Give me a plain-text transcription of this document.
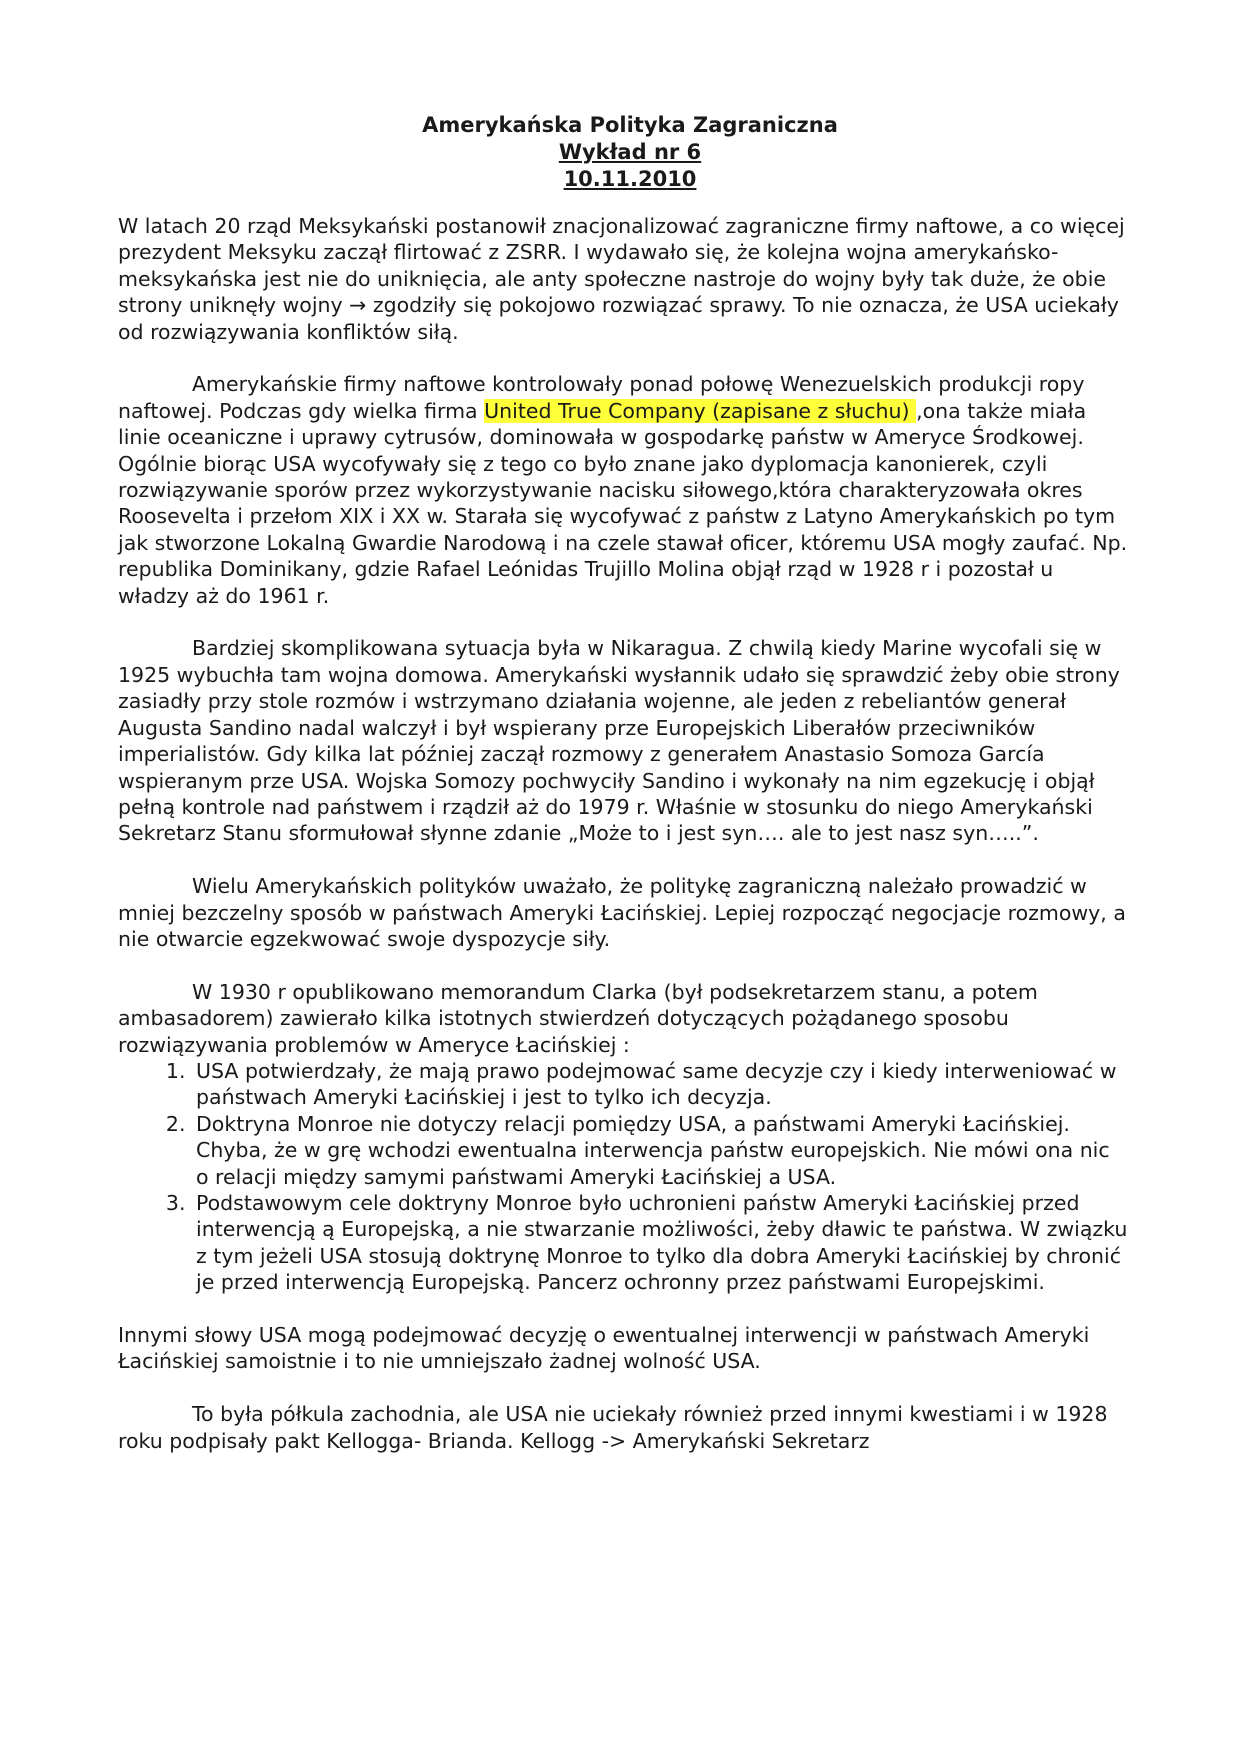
Amerykańska Polityka Zagraniczna
Wykład nr 6
10.11.2010

W latach 20 rząd Meksykański postanowił znacjonalizować zagraniczne firmy naftowe, a co więcej prezydent Meksyku zaczął flirtować z ZSRR. I wydawało się, że kolejna wojna amerykańsko-meksykańska jest nie do uniknięcia, ale anty społeczne nastroje do wojny były tak duże, że obie strony uniknęły wojny → zgodziły się pokojowo rozwiązać sprawy. To nie oznacza, że USA uciekały od rozwiązywania konfliktów siłą.

Amerykańskie firmy naftowe kontrolowały ponad połowę Wenezuelskich produkcji ropy naftowej. Podczas gdy wielka firma United True Company (zapisane z słuchu) ,ona także miała linie oceaniczne i uprawy cytrusów, dominowała w gospodarkę państw w Ameryce Środkowej. Ogólnie biorąc USA wycofywały się z tego co było znane jako dyplomacja kanonierek, czyli rozwiązywanie sporów przez wykorzystywanie nacisku siłowego,która charakteryzowała okres Roosevelta i przełom XIX i XX w. Starała się wycofywać z państw z Latyno Amerykańskich po tym jak stworzone Lokalną Gwardie Narodową i na czele stawał oficer, któremu USA mogły zaufać. Np. republika Dominikany, gdzie Rafael Leónidas Trujillo Molina objął rząd w 1928 r i pozostał u władzy aż do 1961 r.

Bardziej skomplikowana sytuacja była w Nikaragua. Z chwilą kiedy Marine wycofali się w 1925 wybuchła tam wojna domowa. Amerykański wysłannik udało się sprawdzić żeby obie strony zasiadły przy stole rozmów i wstrzymano działania wojenne, ale jeden z rebeliantów generał Augusta Sandino nadal walczył i był wspierany prze Europejskich Liberałów przeciwników imperialistów. Gdy kilka lat później zaczął rozmowy z generałem Anastasio Somoza García wspieranym prze USA. Wojska Somozy pochwyciły Sandino i wykonały na nim egzekucję i objął pełną kontrole nad państwem i rządził aż do 1979 r. Właśnie w stosunku do niego Amerykański Sekretarz Stanu sformułował słynne zdanie „Może to i jest syn…. ale to jest nasz syn…..”.

Wielu Amerykańskich polityków uważało, że politykę zagraniczną należało prowadzić w mniej bezczelny sposób w państwach Ameryki Łacińskiej. Lepiej rozpocząć negocjacje rozmowy, a nie otwarcie egzekwować swoje dyspozycje siły.

W 1930 r opublikowano memorandum Clarka (był podsekretarzem stanu, a potem ambasadorem) zawierało kilka istotnych stwierdzeń dotyczących pożądanego sposobu rozwiązywania problemów w Ameryce Łacińskiej :

1. USA potwierdzały, że mają prawo podejmować same decyzje czy i kiedy interweniować w państwach Ameryki Łacińskiej i jest to tylko ich decyzja.
2. Doktryna Monroe nie dotyczy relacji pomiędzy USA, a państwami Ameryki Łacińskiej. Chyba, że w grę wchodzi ewentualna interwencja państw europejskich. Nie mówi ona nic o relacji między samymi państwami Ameryki Łacińskiej a USA.
3. Podstawowym cele doktryny Monroe było uchronieni państw Ameryki Łacińskiej przed interwencją ą Europejską, a nie stwarzanie możliwości, żeby dławic te państwa. W związku z tym jeżeli USA stosują doktrynę Monroe to tylko dla dobra Ameryki Łacińskiej by chronić je przed interwencją Europejską. Pancerz ochronny przez państwami Europejskimi.

Innymi słowy USA mogą podejmować decyzję o ewentualnej interwencji w państwach Ameryki Łacińskiej samoistnie i to nie umniejszało żadnej wolność USA.

To była półkula zachodnia, ale USA nie uciekały również przed innymi kwestiami i w 1928 roku podpisały pakt Kellogga- Brianda. Kellogg -> Amerykański Sekretarz
